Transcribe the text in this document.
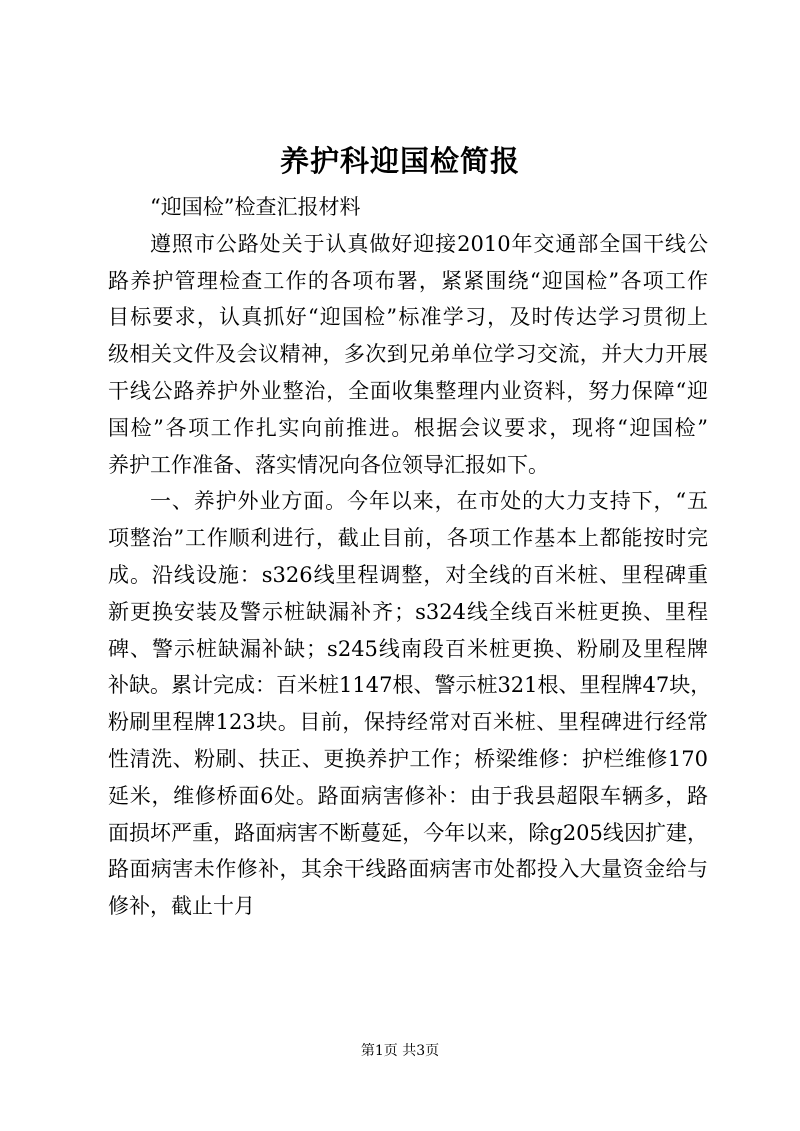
养护科迎国检简报
“迎国检”检查汇报材料
遵照市公路处关于认真做好迎接2010年交通部全国干线公
路养护管理检查工作的各项布署，紧紧围绕“迎国检”各项工作
目标要求，认真抓好“迎国检”标准学习，及时传达学习贯彻上
级相关文件及会议精神，多次到兄弟单位学习交流，并大力开展
干线公路养护外业整治，全面收集整理内业资料，努力保障“迎
国检”各项工作扎实向前推进。根据会议要求，现将“迎国检”
养护工作准备、落实情况向各位领导汇报如下。
一、养护外业方面。今年以来，在市处的大力支持下，“五
项整治”工作顺利进行，截止目前，各项工作基本上都能按时完
成。沿线设施：s326线里程调整，对全线的百米桩、里程碑重
新更换安装及警示桩缺漏补齐；s324线全线百米桩更换、里程
碑、警示桩缺漏补缺；s245线南段百米桩更换、粉刷及里程牌
补缺。累计完成：百米桩1147根、警示桩321根、里程牌47块，
粉刷里程牌123块。目前，保持经常对百米桩、里程碑进行经常
性清洗、粉刷、扶正、更换养护工作；桥梁维修：护栏维修170
延米，维修桥面6处。路面病害修补：由于我县超限车辆多，路
面损坏严重，路面病害不断蔓延，今年以来，除g205线因扩建，
路面病害未作修补，其余干线路面病害市处都投入大量资金给与
修补，截止十月
第1页 共3页
